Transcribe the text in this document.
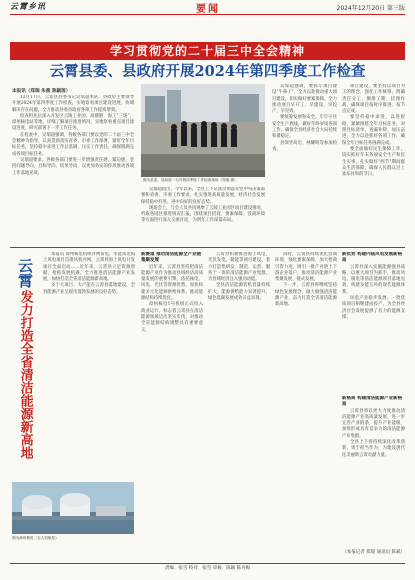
云霄乡讯	要闻	2024年12月20日 第三版
学习贯彻党的二十届三中全会精神
云霄县委、县政府开展2024年第四季度工作检查
本报讯（郑瑞 朱燕 陈颖茵）

12月17日，云霄县县委书记吴瑞超率队，县政府主要领导开展2024年第四季度工作检查，实地察看项目建设进展，协调解决存在问题，全力推动县委县政府各项工作提质增效。

检查组先后深入开发区云陵工业园、高塘港、海工“三场”、漳州核电站等地，详细了解项目推进情况，实地察看重点项目建设进度，研究部署下一步工作任务。

在检查中，吴瑞超强调，各级各部门要以党的二十届三中全会精神为指导，认真贯彻落实省委、市委工作部署，紧盯全年目标任务，坚持稳中求进工作总基调，压实工作责任，确保圆满完成各项目标任务。

吴瑞超要求，各级各部门要进一步增强责任感、紧迫感，坚持问题导向、目标导向、结果导向，以更加务实的作风推动各项工作落地见效。

图为县委、县政府一行开展四季度工作检查现场（郑瑞 摄）

吴瑞超指出，今年以来，全县上下认真贯彻落实党中央决策部署和省委、市委工作要求，扎实推进高质量发展，经济社会发展保持稳中有进、进中向好的良好态势。

现场会上，与会人员共同观摩了云陵工业园区项目建设情况，听取各园区推进情况汇报，围绕项目招商、要素保障、营商环境等方面进行深入交流讨论，为明年工作谋篇布局。

吴瑞超强调，要抓牢项目建设“牛鼻子”，全力以赴推动重大项目建设，切实做好要素保障，全力推动项目早开工、早建设、早投产、早见效。

要统筹发展和安全，牢牢守住安全生产底线，做好年终岁尾各项工作，确保全县经济社会大局持续和谐稳定。

县领导高宏、林耀明等参加检查。

项目建设，要坚持以项目为王的理念，强化工作统筹，明确责任分工，倒排工期、挂图作战，确保项目按时序推进、按节点完成。

要坚持稳中求进，以进促稳，紧紧围绕全年目标任务，对照目标清单，查漏补缺、加压奋进，全力以赴抓好各项工作，确保全年目标任务圆满完成。

要全面做好民生保障工作，切实抓好年末各项安全生产和民生实事，扎实做好“两节”期间群众生活保障，确保人民群众过上欢乐祥和的节日。

云霄
发力打造全省清洁能源新高地

本报讯 漳州核电机组并网发电，华能霄北海上风电项目首批风机并网，云霄县海上风电开发项目全面启动……近年来，云霄县立足资源禀赋，抢抓发展机遇，全力推进清洁能源产业发展，加快打造全省清洁能源新高地。

多个大项目、大产能在云霄县落地建设，全县能源产业呈现出蓬勃发展的良好态势。

新赛道 推动清洁能源全产业链集聚发展

近年来，云霄县坚持把清洁能源产业作为推动县域经济高质量发展的重要引擎，依托核电、风电、光伏等资源优势，加快构建多元化能源供给体系，推动能源结构持续优化。

漳州核电1号机组正式投入商业运行，标志着云霄县在清洁能源领域迈出坚实步伐，对推动全省能源结构调整具有重要意义。

云霄县积极推进海上风电、光伏发电、储能等项目建设，着力打造集研发、制造、运营、服务于一体的清洁能源产业集群，为县域经济注入强劲动能。

全县清洁能源装机容量持续扩大，能源供给能力显著提升，绿色低碳发展成效日益显现。

同时，云霄县持续优化营商环境，强化要素保障，加大招商引资力度，吸引一批产业链上下游企业落户，推动清洁能源产业集聚发展、链式发展。

下一步，云霄县将继续坚持绿色发展理念，做大做强清洁能源产业，奋力打造全省清洁能源新高地。

新优势 构建内陆风电发展新格局

云霄县深入实施能源强县战略，以重大项目为抓手，推动风电、核电等清洁能源项目落地见效，构建多能互补的现代能源体系。

风电产业稳步发展，一批优质项目相继建成投产，为全县经济社会发展提供了有力的能源支撑。

新格局 构建清洁能源产业新格局

云霄县将以更大力度推动清洁能源产业高质量发展，进一步完善产业链条，提升产业能级，加快形成具有竞争力的清洁能源产业集群。

全县上下将持续深化改革创新，勇于担当作为，为建设现代化美丽新云霄贡献力量。

（本报记者 郑瑞 通讯员 陈斌）
图为漳州核电（无人机航拍）
责编：张雪 校对：张雪 审核：陈颖 陈丹梅
